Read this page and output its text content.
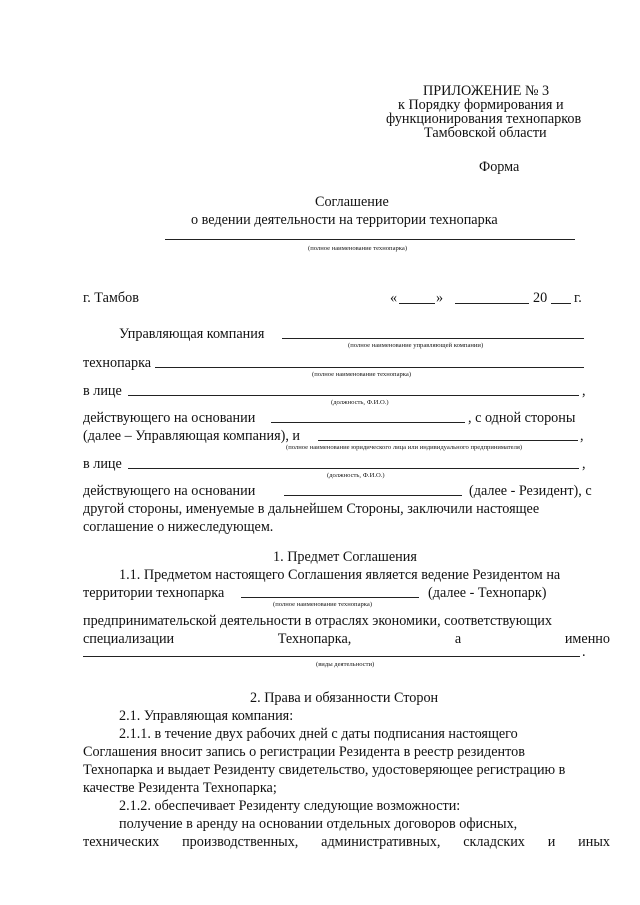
ПРИЛОЖЕНИЕ № 3
к Порядку формирования и
функционирования технопарков
Тамбовской области
Форма
Соглашение
о ведении деятельности на территории технопарка
(полное наименование технопарка)
г. Тамбов	«	»	20 г.
Управляющая компания
(полное наименование управляющей компании)
технопарка
(полное наименование технопарка)
в лице	,
(должность, Ф.И.О.)
действующего на основании	, с одной стороны
(далее – Управляющая компания), и	,
(полное наименование юридического лица или индивидуального предпринимателя)
в лице	,
(должность, Ф.И.О.)
действующего на основании	(далее - Резидент), с
другой стороны, именуемые в дальнейшем Стороны, заключили настоящее
соглашение о нижеследующем.
1. Предмет Соглашения
1.1. Предметом настоящего Соглашения является ведение Резидентом на
территории технопарка	(далее - Технопарк)
(полное наименование технопарка)
предпринимательской деятельности в отраслях экономики, соответствующих
специализации	Технопарка,	а	именно
.
(виды деятельности)
2. Права и обязанности Сторон
2.1. Управляющая компания:
2.1.1. в течение двух рабочих дней с даты подписания настоящего
Соглашения вносит запись о регистрации Резидента в реестр резидентов
Технопарка и выдает Резиденту свидетельство, удостоверяющее регистрацию в
качестве Резидента Технопарка;
2.1.2. обеспечивает Резиденту следующие возможности:
получение в аренду на основании отдельных договоров офисных,
технических производственных, административных, складских и иных
